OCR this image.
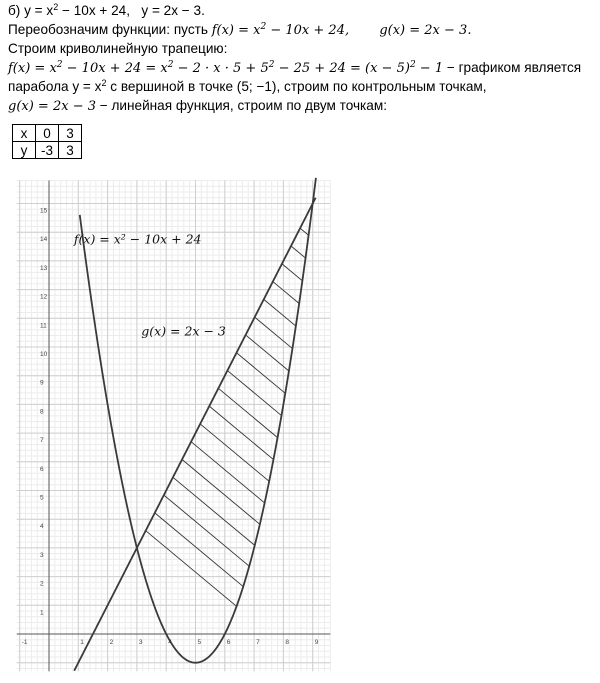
б) $y = x^2 - 10x + 24$, y = 2x − 3.
Переобозначим функции: пусть $f(x) = x^2 - 10x + 24$, g(x) = 2x − 3.
Строим криволинейную трапецию:
$f(x) = x^2 - 10x + 24 = x^2 - 2 \cdot x \cdot 5 + 5^2 - 25 + 24 = (x - 5)^2 - 1$ − графиком является
парабола $y = x^2$ с вершиной в точке (5; −1), строим по контрольным точкам,
g(x) = 2x − 3 − линейная функция, строим по двум точкам:
x	0	3
y	-3	3
-1	1	2	3	4	5	6	7	8	9
1
2
3
4
5
6
7
8
9
10
11
12
13
14
15
f(x) = x² − 10x + 24
g(x) = 2x − 3
